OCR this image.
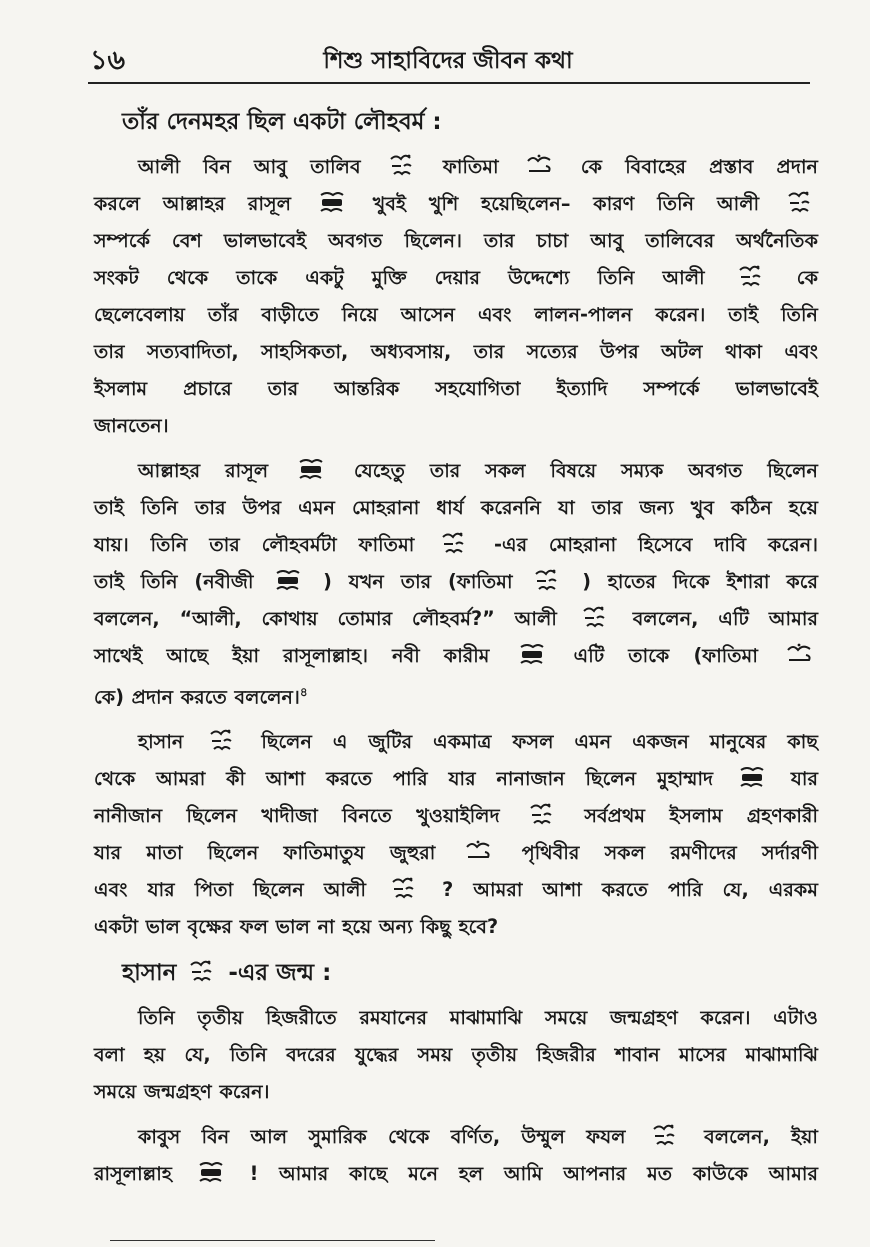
১৬	শিশু সাহাবিদের জীবন কথা
তাঁর দেনমহর ছিল একটা লৌহবর্ম :
আলী বিন আবু তালিব	ফাতিমা	কে বিবাহের প্রস্তাব প্রদান
করলে আল্লাহর রাসূল	খুবই খুশি হয়েছিলেন– কারণ তিনি আলী
সম্পর্কে বেশ ভালভাবেই অবগত ছিলেন। তার চাচা আবু তালিবের অর্থনৈতিক
সংকট থেকে তাকে একটু মুক্তি দেয়ার উদ্দেশ্যে তিনি আলী	কে
ছেলেবেলায় তাঁর বাড়ীতে নিয়ে আসেন এবং লালন-পালন করেন। তাই তিনি
তার সত্যবাদিতা, সাহসিকতা, অধ্যবসায়, তার সত্যের উপর অটল থাকা এবং
ইসলাম প্রচারে তার আন্তরিক সহযোগিতা ইত্যাদি সম্পর্কে ভালভাবেই
জানতেন।
আল্লাহর রাসূল	যেহেতু তার সকল বিষয়ে সম্যক অবগত ছিলেন
তাই তিনি তার উপর এমন মোহরানা ধার্য করেননি যা তার জন্য খুব কঠিন হয়ে
যায়। তিনি তার লৌহবর্মটা ফাতিমা	-এর মোহরানা হিসেবে দাবি করেন।
তাই তিনি (নবীজী	) যখন তার (ফাতিমা	) হাতের দিকে ইশারা করে
বললেন, “আলী, কোথায় তোমার লৌহবর্ম?” আলী	বললেন, এটি আমার
সাথেই আছে ইয়া রাসূলাল্লাহ। নবী কারীম	এটি তাকে (ফাতিমা
কে) প্রদান করতে বললেন।$^৪$
হাসান	ছিলেন এ জুটির একমাত্র ফসল এমন একজন মানুষের কাছ
থেকে আমরা কী আশা করতে পারি যার নানাজান ছিলেন মুহাম্মাদ	যার
নানীজান ছিলেন খাদীজা বিনতে খুওয়াইলিদ	সর্বপ্রথম ইসলাম গ্রহণকারী
যার মাতা ছিলেন ফাতিমাতুয জুহুরা	পৃথিবীর সকল রমণীদের সর্দারণী
এবং যার পিতা ছিলেন আলী	? আমরা আশা করতে পারি যে, এরকম
একটা ভাল বৃক্ষের ফল ভাল না হয়ে অন্য কিছু হবে?
হাসান -এর জন্ম :
তিনি তৃতীয় হিজরীতে রমযানের মাঝামাঝি সময়ে জন্মগ্রহণ করেন। এটাও
বলা হয় যে, তিনি বদরের যুদ্ধের সময় তৃতীয় হিজরীর শাবান মাসের মাঝামাঝি
সময়ে জন্মগ্রহণ করেন।
কাবুস বিন আল সুমারিক থেকে বর্ণিত, উম্মুল ফযল	বললেন, ইয়া
রাসূলাল্লাহ	! আমার কাছে মনে হল আমি আপনার মত কাউকে আমার
